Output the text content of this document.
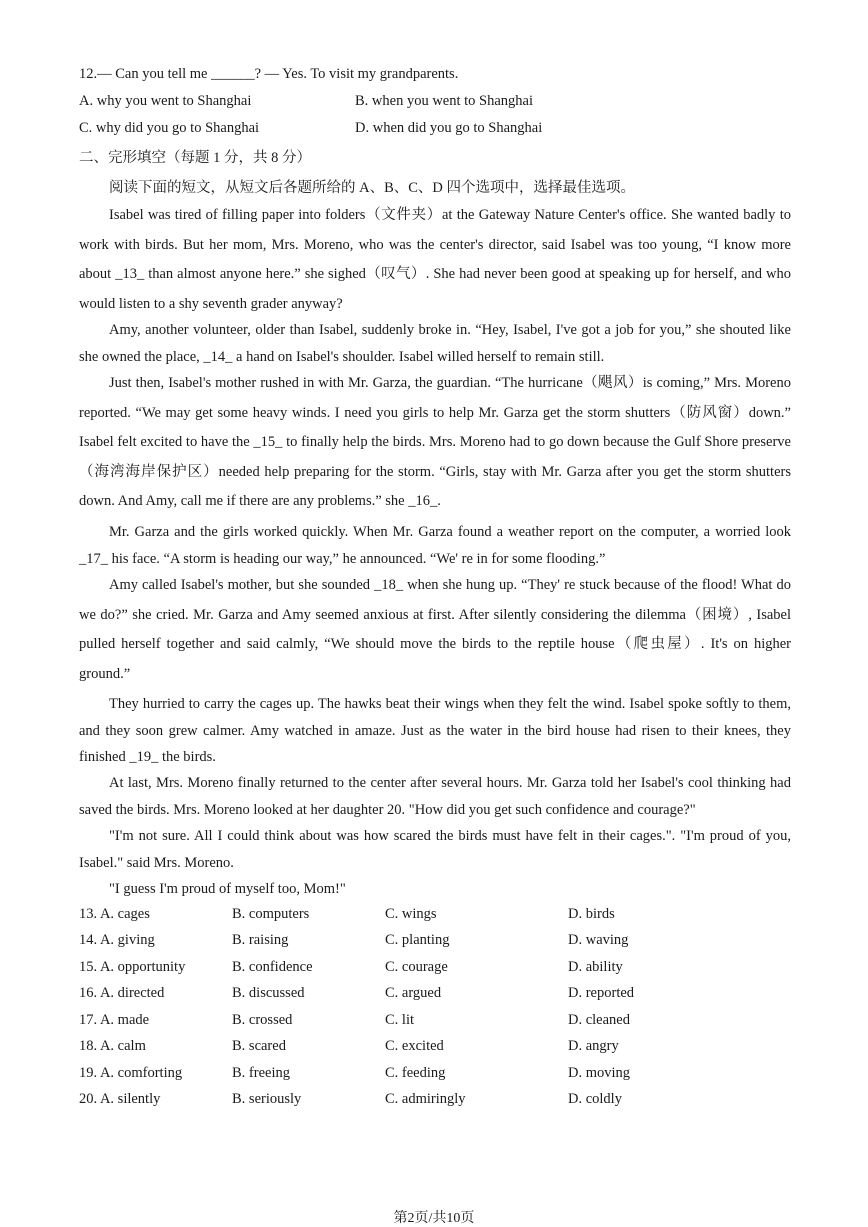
12.— Can you tell me ______? — Yes. To visit my grandparents.
A. why you went to Shanghai	B. when you went to Shanghai
C. why did you go to Shanghai	D. when did you go to Shanghai
二、完形填空（每题 1 分，共 8 分）
阅读下面的短文，从短文后各题所给的 A、B、C、D 四个选项中，选择最佳选项。

Isabel was tired of filling paper into folders（文件夹）at the Gateway Nature Center's office. She wanted badly to work with birds. But her mom, Mrs. Moreno, who was the center's director, said Isabel was too young, “I know more about _13_ than almost anyone here.” she sighed（叹气）. She had never been good at speaking up for herself, and who would listen to a shy seventh grader anyway?

Amy, another volunteer, older than Isabel, suddenly broke in. “Hey, Isabel, I've got a job for you,” she shouted like she owned the place, _14_ a hand on Isabel's shoulder. Isabel willed herself to remain still.

Just then, Isabel's mother rushed in with Mr. Garza, the guardian. “The hurricane（飓风）is coming,” Mrs. Moreno reported. “We may get some heavy winds. I need you girls to help Mr. Garza get the storm shutters（防风窗）down.” Isabel felt excited to have the _15_ to finally help the birds. Mrs. Moreno had to go down because the Gulf Shore preserve（海湾海岸保护区）needed help preparing for the storm. “Girls, stay with Mr. Garza after you get the storm shutters down. And Amy, call me if there are any problems.” she _16_.

Mr. Garza and the girls worked quickly. When Mr. Garza found a weather report on the computer, a worried look _17_ his face. “A storm is heading our way,” he announced. “We' re in for some flooding.”

Amy called Isabel's mother, but she sounded _18_ when she hung up. “They' re stuck because of the flood! What do we do?” she cried. Mr. Garza and Amy seemed anxious at first. After silently considering the dilemma（困境）, Isabel pulled herself together and said calmly, “We should move the birds to the reptile house（爬虫屋）. It's on higher ground.”

They hurried to carry the cages up. The hawks beat their wings when they felt the wind. Isabel spoke softly to them, and they soon grew calmer. Amy watched in amaze. Just as the water in the bird house had risen to their knees, they finished _19_ the birds.

At last, Mrs. Moreno finally returned to the center after several hours. Mr. Garza told her Isabel's cool thinking had saved the birds. Mrs. Moreno looked at her daughter 20. "How did you get such confidence and courage?"

"I'm not sure. All I could think about was how scared the birds must have felt in their cages.". "I'm proud of you, Isabel." said Mrs. Moreno.

"I guess I'm proud of myself too, Mom!"

13. A. cages	B. computers	C. wings	D. birds
14. A. giving	B. raising	C. planting	D. waving
15. A. opportunity	B. confidence	C. courage	D. ability
16. A. directed	B. discussed	C. argued	D. reported
17. A. made	B. crossed	C. lit	D. cleaned
18. A. calm	B. scared	C. excited	D. angry
19. A. comforting	B. freeing	C. feeding	D. moving
20. A. silently	B. seriously	C. admiringly	D. coldly
第2页/共10页
